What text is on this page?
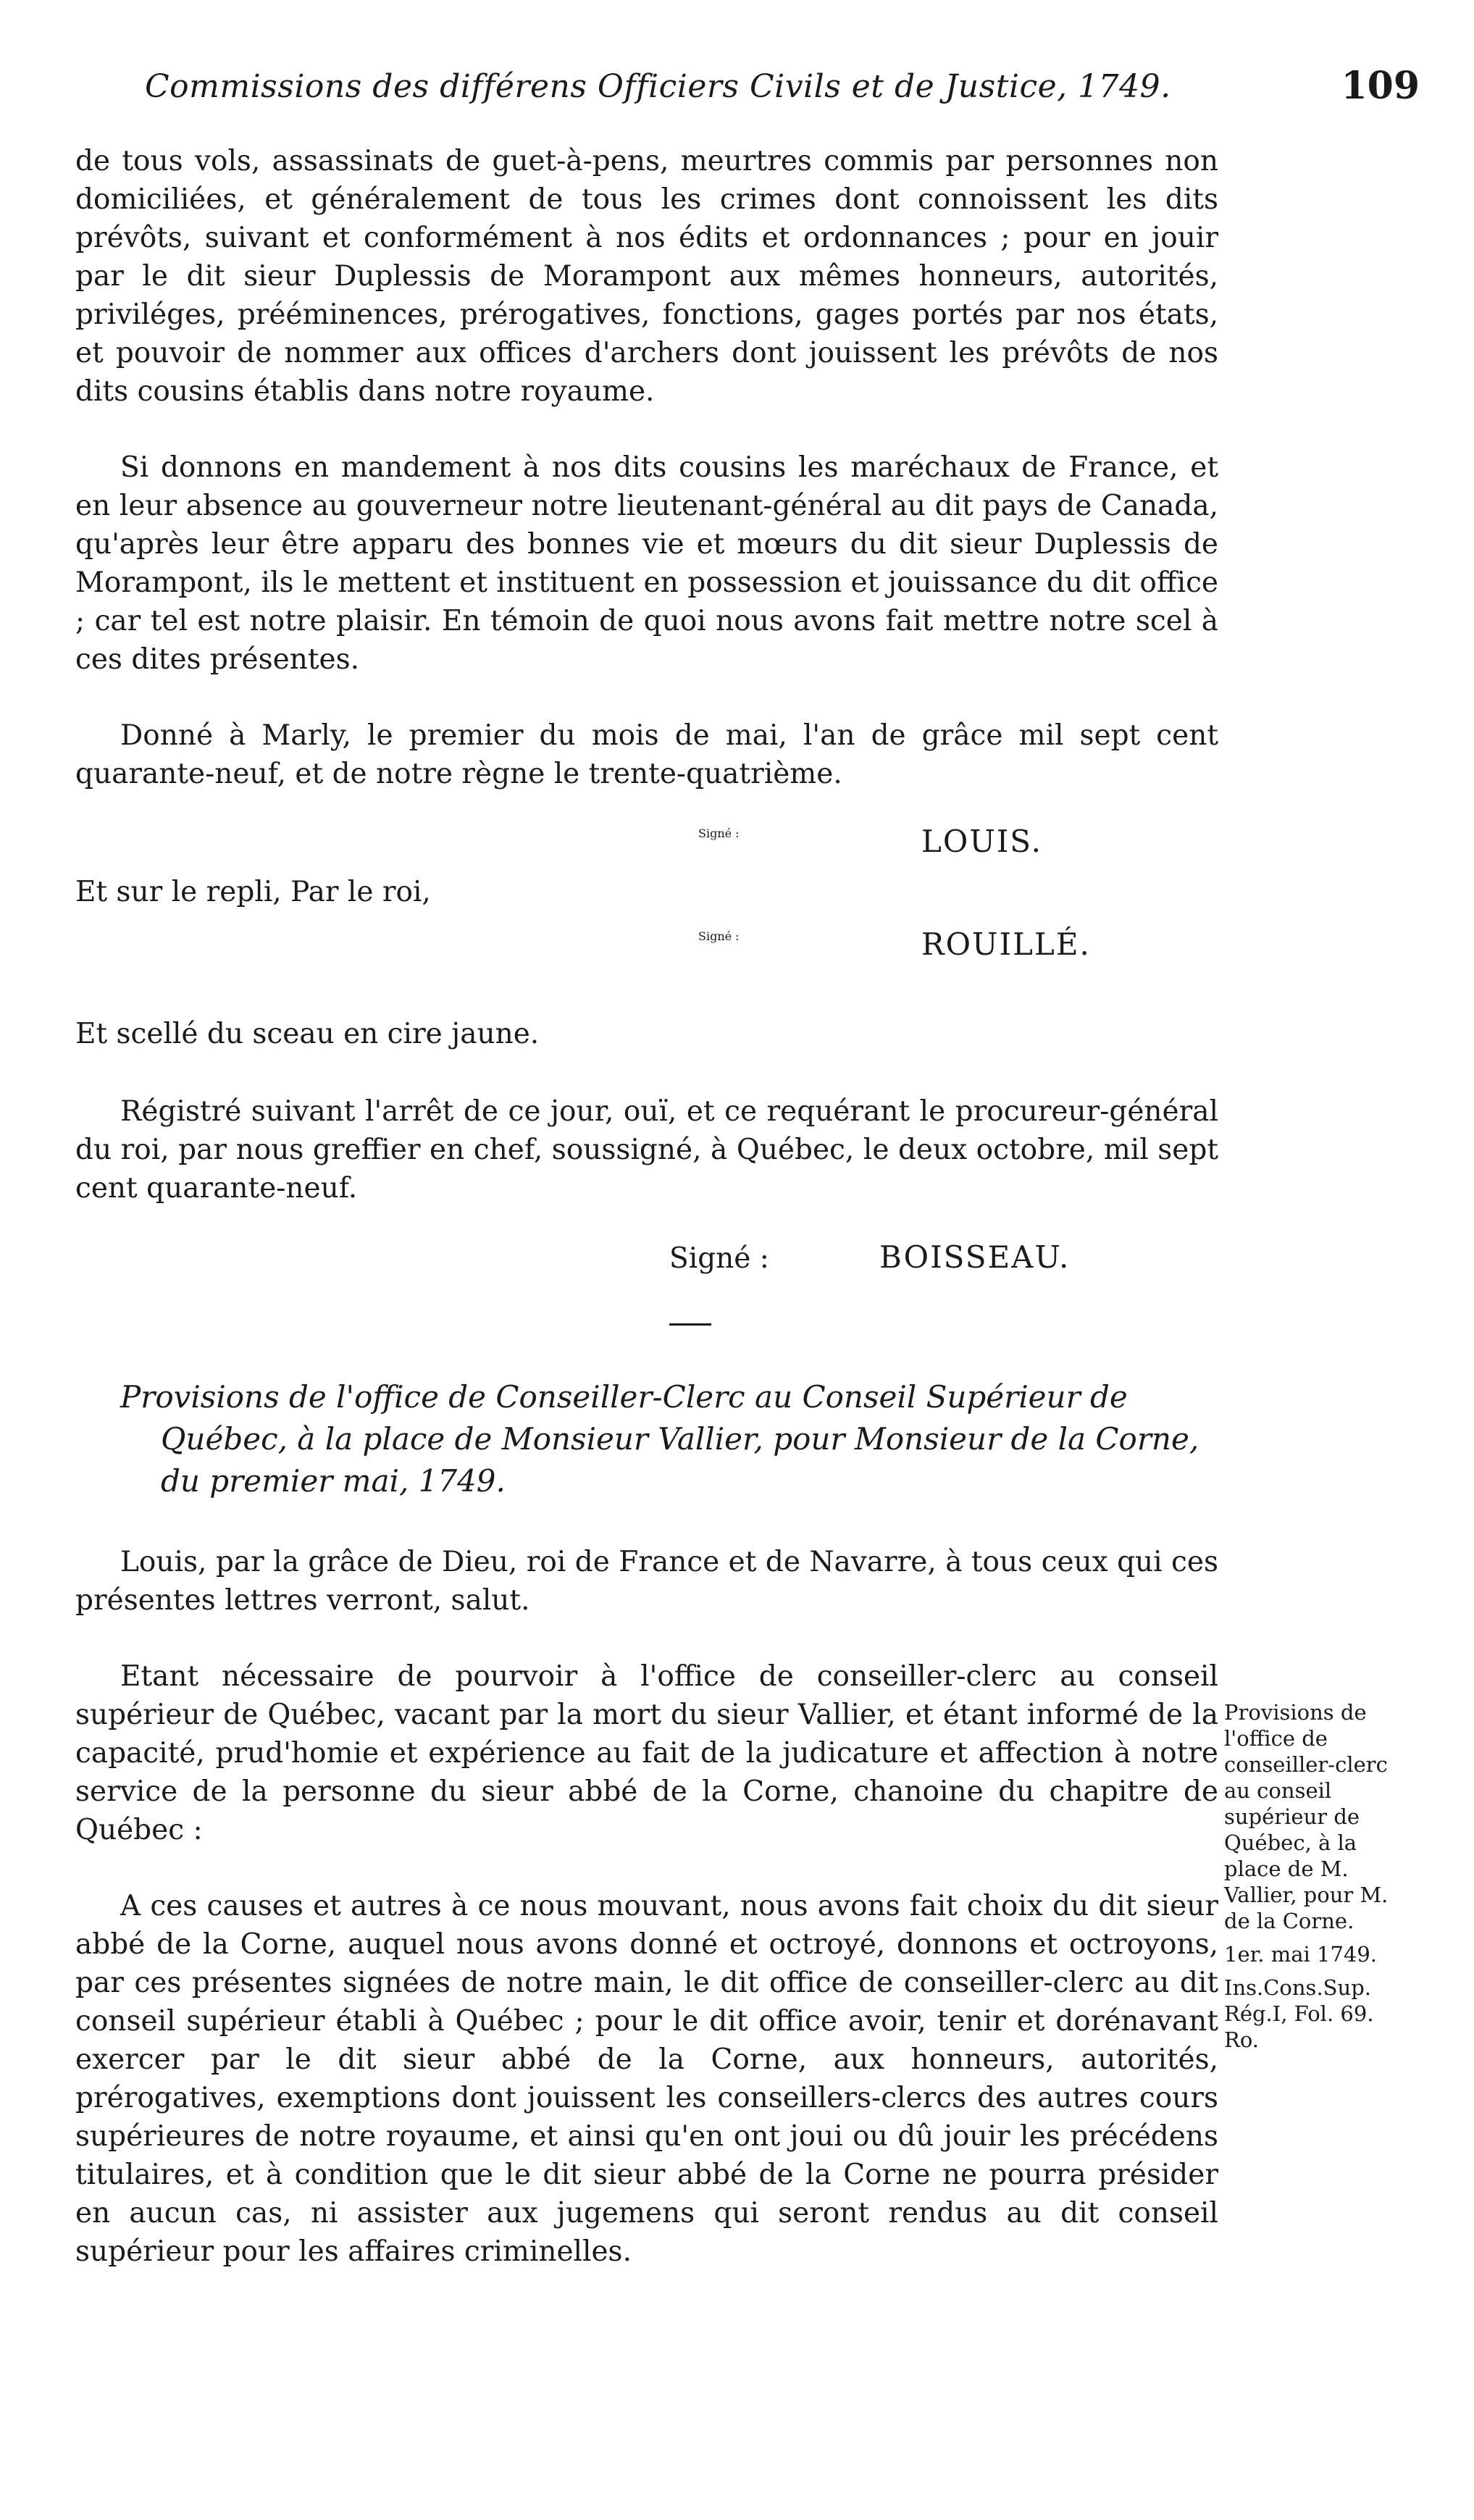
Commissions des différens Officiers Civils et de Justice, 1749.	109

de tous vols, assassinats de guet-à-pens, meurtres commis par personnes non domiciliées, et généralement de tous les crimes dont connoissent les dits prévôts, suivant et conformément à nos édits et ordonnances ; pour en jouir par le dit sieur Duplessis de Morampont aux mêmes honneurs, autorités, priviléges, prééminences, prérogatives, fonctions, gages portés par nos états, et pouvoir de nommer aux offices d'archers dont jouissent les prévôts de nos dits cousins établis dans notre royaume.

Si donnons en mandement à nos dits cousins les maréchaux de France, et en leur absence au gouverneur notre lieutenant-général au dit pays de Canada, qu'après leur être apparu des bonnes vie et mœurs du dit sieur Duplessis de Morampont, ils le mettent et instituent en possession et jouissance du dit office ; car tel est notre plaisir. En témoin de quoi nous avons fait mettre notre scel à ces dites présentes.

Donné à Marly, le premier du mois de mai, l'an de grâce mil sept cent quarante-neuf, et de notre règne le trente-quatrième.

Signé :	LOUIS.
Et sur le repli, Par le roi,
Signé :	ROUILLÉ.

Et scellé du sceau en cire jaune.

Régistré suivant l'arrêt de ce jour, ouï, et ce requérant le procureur-général du roi, par nous greffier en chef, soussigné, à Québec, le deux octobre, mil sept cent quarante-neuf.

Signé :	BOISSEAU.

Provisions de l'office de Conseiller-Clerc au Conseil Supérieur de
Québec, à la place de Monsieur Vallier, pour Monsieur de la Corne,
du premier mai, 1749.

Louis, par la grâce de Dieu, roi de France et de Navarre, à tous ceux qui ces présentes lettres verront, salut.

Etant nécessaire de pourvoir à l'office de conseiller-clerc au conseil supérieur de Québec, vacant par la mort du sieur Vallier, et étant informé de la capacité, prud'homie et expérience au fait de la judicature et affection à notre service de la personne du sieur abbé de la Corne, chanoine du chapitre de Québec :

A ces causes et autres à ce nous mouvant, nous avons fait choix du dit sieur abbé de la Corne, auquel nous avons donné et octroyé, donnons et octroyons, par ces présentes signées de notre main, le dit office de conseiller-clerc au dit conseil supérieur établi à Québec ; pour le dit office avoir, tenir et dorénavant exercer par le dit sieur abbé de la Corne, aux honneurs, autorités, prérogatives, exemptions dont jouissent les conseillers-clercs des autres cours supérieures de notre royaume, et ainsi qu'en ont joui ou dû jouir les précédens titulaires, et à condition que le dit sieur abbé de la Corne ne pourra présider en aucun cas, ni assister aux jugemens qui seront rendus au dit conseil supérieur pour les affaires criminelles.

Provisions de l'office de conseiller-clerc au conseil supérieur de Québec, à la place de M. Vallier, pour M. de la Corne.
1er. mai 1749.
Ins.Cons.Sup. Rég.I, Fol. 69. Ro.
